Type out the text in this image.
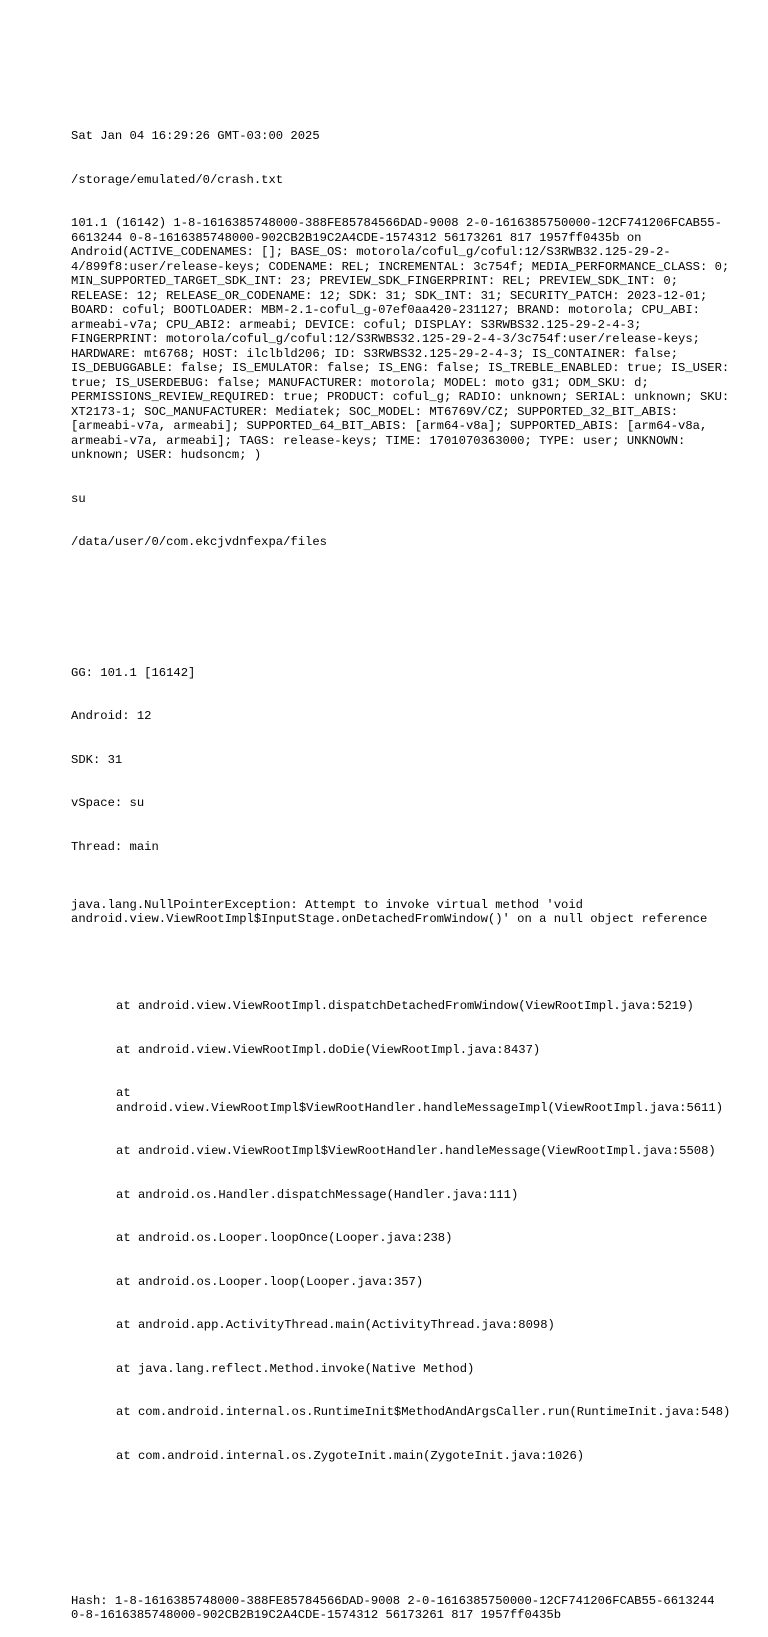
Sat Jan 04 16:29:26 GMT-03:00 2025

/storage/emulated/0/crash.txt

101.1 (16142) 1-8-1616385748000-388FE85784566DAD-9008 2-0-1616385750000-12CF741206FCAB55-6613244 0-8-1616385748000-902CB2B19C2A4CDE-1574312 56173261 817 1957ff0435b on  Android(ACTIVE_CODENAMES: []; BASE_OS: motorola/coful_g/coful:12/S3RWB32.125-29-2-4/899f8:user/release-keys; CODENAME: REL; INCREMENTAL: 3c754f; MEDIA_PERFORMANCE_CLASS: 0; MIN_SUPPORTED_TARGET_SDK_INT: 23; PREVIEW_SDK_FINGERPRINT: REL; PREVIEW_SDK_INT: 0; RELEASE: 12; RELEASE_OR_CODENAME: 12; SDK: 31; SDK_INT: 31; SECURITY_PATCH: 2023-12-01; BOARD: coful; BOOTLOADER: MBM-2.1-coful_g-07ef0aa420-231127; BRAND: motorola; CPU_ABI: armeabi-v7a; CPU_ABI2: armeabi; DEVICE: coful; DISPLAY: S3RWBS32.125-29-2-4-3; FINGERPRINT: motorola/coful_g/coful:12/S3RWBS32.125-29-2-4-3/3c754f:user/release-keys; HARDWARE: mt6768; HOST: ilclbld206; ID: S3RWBS32.125-29-2-4-3; IS_CONTAINER: false; IS_DEBUGGABLE: false; IS_EMULATOR: false; IS_ENG: false; IS_TREBLE_ENABLED: true; IS_USER: true; IS_USERDEBUG: false; MANUFACTURER: motorola; MODEL: moto g31; ODM_SKU: d; PERMISSIONS_REVIEW_REQUIRED: true; PRODUCT: coful_g; RADIO: unknown; SERIAL: unknown; SKU: XT2173-1; SOC_MANUFACTURER: Mediatek; SOC_MODEL: MT6769V/CZ; SUPPORTED_32_BIT_ABIS: [armeabi-v7a, armeabi]; SUPPORTED_64_BIT_ABIS: [arm64-v8a]; SUPPORTED_ABIS: [arm64-v8a, armeabi-v7a, armeabi]; TAGS: release-keys; TIME: 1701070363000; TYPE: user; UNKNOWN: unknown; USER: hudsoncm; )

su

/data/user/0/com.ekcjvdnfexpa/files

GG: 101.1 [16142]

Android: 12

SDK: 31

vSpace: su

Thread: main

java.lang.NullPointerException: Attempt to invoke virtual method 'void android.view.ViewRootImpl$InputStage.onDetachedFromWindow()' on a null object reference

at android.view.ViewRootImpl.dispatchDetachedFromWindow(ViewRootImpl.java:5219)

at android.view.ViewRootImpl.doDie(ViewRootImpl.java:8437)

at android.view.ViewRootImpl$ViewRootHandler.handleMessageImpl(ViewRootImpl.java:5611)

at android.view.ViewRootImpl$ViewRootHandler.handleMessage(ViewRootImpl.java:5508)

at android.os.Handler.dispatchMessage(Handler.java:111)

at android.os.Looper.loopOnce(Looper.java:238)

at android.os.Looper.loop(Looper.java:357)

at android.app.ActivityThread.main(ActivityThread.java:8098)

at java.lang.reflect.Method.invoke(Native Method)

at com.android.internal.os.RuntimeInit$MethodAndArgsCaller.run(RuntimeInit.java:548)

at com.android.internal.os.ZygoteInit.main(ZygoteInit.java:1026)

Hash: 1-8-1616385748000-388FE85784566DAD-9008 2-0-1616385750000-12CF741206FCAB55-6613244 0-8-1616385748000-902CB2B19C2A4CDE-1574312 56173261 817 1957ff0435b
